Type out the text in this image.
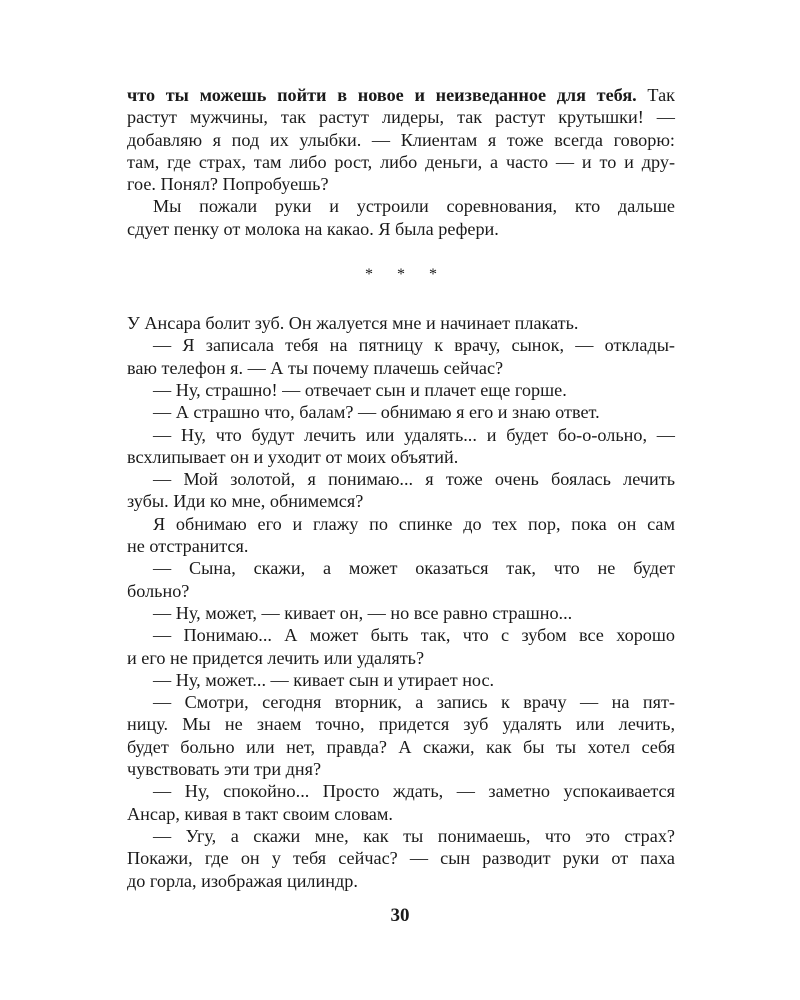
что ты можешь пойти в новое и неизведанное для тебя. Так
растут мужчины, так растут лидеры, так растут крутышки! —
добавляю я под их улыбки. — Клиентам я тоже всегда говорю:
там, где страх, там либо рост, либо деньги, а часто — и то и дру-
гое. Понял? Попробуешь?
Мы пожали руки и устроили соревнования, кто дальше
сдует пенку от молока на какао. Я была рефери.
* * *
У Ансара болит зуб. Он жалуется мне и начинает плакать.
— Я записала тебя на пятницу к врачу, сынок, — отклады-
ваю телефон я. — А ты почему плачешь сейчас?
— Ну, страшно! — отвечает сын и плачет еще горше.
— А страшно что, балам? — обнимаю я его и знаю ответ.
— Ну, что будут лечить или удалять... и будет бо-о-ольно, —
всхлипывает он и уходит от моих объятий.
— Мой золотой, я понимаю... я тоже очень боялась лечить
зубы. Иди ко мне, обнимемся?
Я обнимаю его и глажу по спинке до тех пор, пока он сам
не отстранится.
— Сына, скажи, а может оказаться так, что не будет
больно?
— Ну, может, — кивает он, — но все равно страшно...
— Понимаю... А может быть так, что с зубом все хорошо
и его не придется лечить или удалять?
— Ну, может... — кивает сын и утирает нос.
— Смотри, сегодня вторник, а запись к врачу — на пят-
ницу. Мы не знаем точно, придется зуб удалять или лечить,
будет больно или нет, правда? А скажи, как бы ты хотел себя
чувствовать эти три дня?
— Ну, спокойно... Просто ждать, — заметно успокаивается
Ансар, кивая в такт своим словам.
— Угу, а скажи мне, как ты понимаешь, что это страх?
Покажи, где он у тебя сейчас? — сын разводит руки от паха
до горла, изображая цилиндр.
30
